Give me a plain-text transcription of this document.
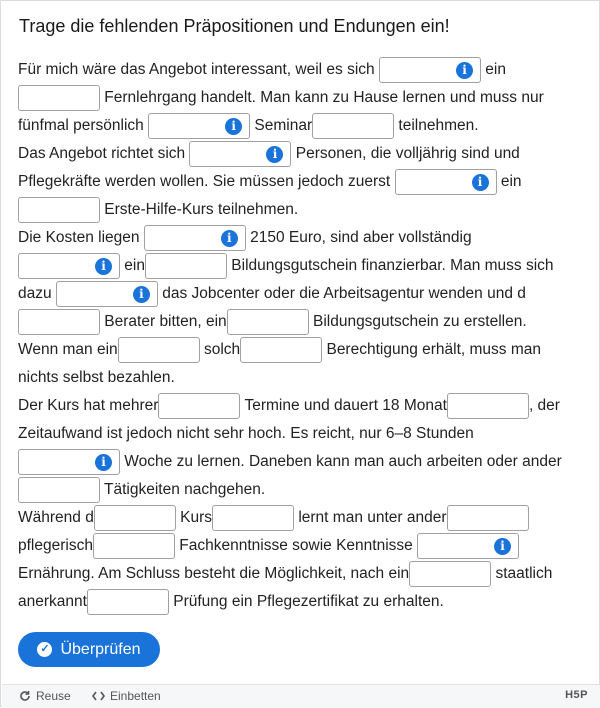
Trage die fehlenden Präpositionen und Endungen ein!
Für mich wäre das Angebot interessant, weil es sich	i ein
Fernlehrgang handelt. Man kann zu Hause lernen und muss nur
fünfmal persönlich	i Seminar	teilnehmen.
Das Angebot richtet sich	i Personen, die volljährig sind und
Pflegekräfte werden wollen. Sie müssen jedoch zuerst	i ein
Erste-Hilfe-Kurs teilnehmen.
Die Kosten liegen	i 2150 Euro, sind aber vollständig
i ein	Bildungsgutschein finanzierbar. Man muss sich
dazu	i das Jobcenter oder die Arbeitsagentur wenden und d
Berater bitten, ein	Bildungsgutschein zu erstellen.
Wenn man ein	solch	Berechtigung erhält, muss man
nichts selbst bezahlen.
Der Kurs hat mehrer	Termine und dauert 18 Monat	, der
Zeitaufwand ist jedoch nicht sehr hoch. Es reicht, nur 6–8 Stunden
i Woche zu lernen. Daneben kann man auch arbeiten oder ander
Tätigkeiten nachgehen.
Während d	Kurs	lernt man unter ander
pflegerisch	Fachkenntnisse sowie Kenntnisse	i
Ernährung. Am Schluss besteht die Möglichkeit, nach ein	staatlich
anerkannt	Prüfung ein Pflegezertifikat zu erhalten.
✓ Überprüfen
Reuse	Einbetten	H5P
